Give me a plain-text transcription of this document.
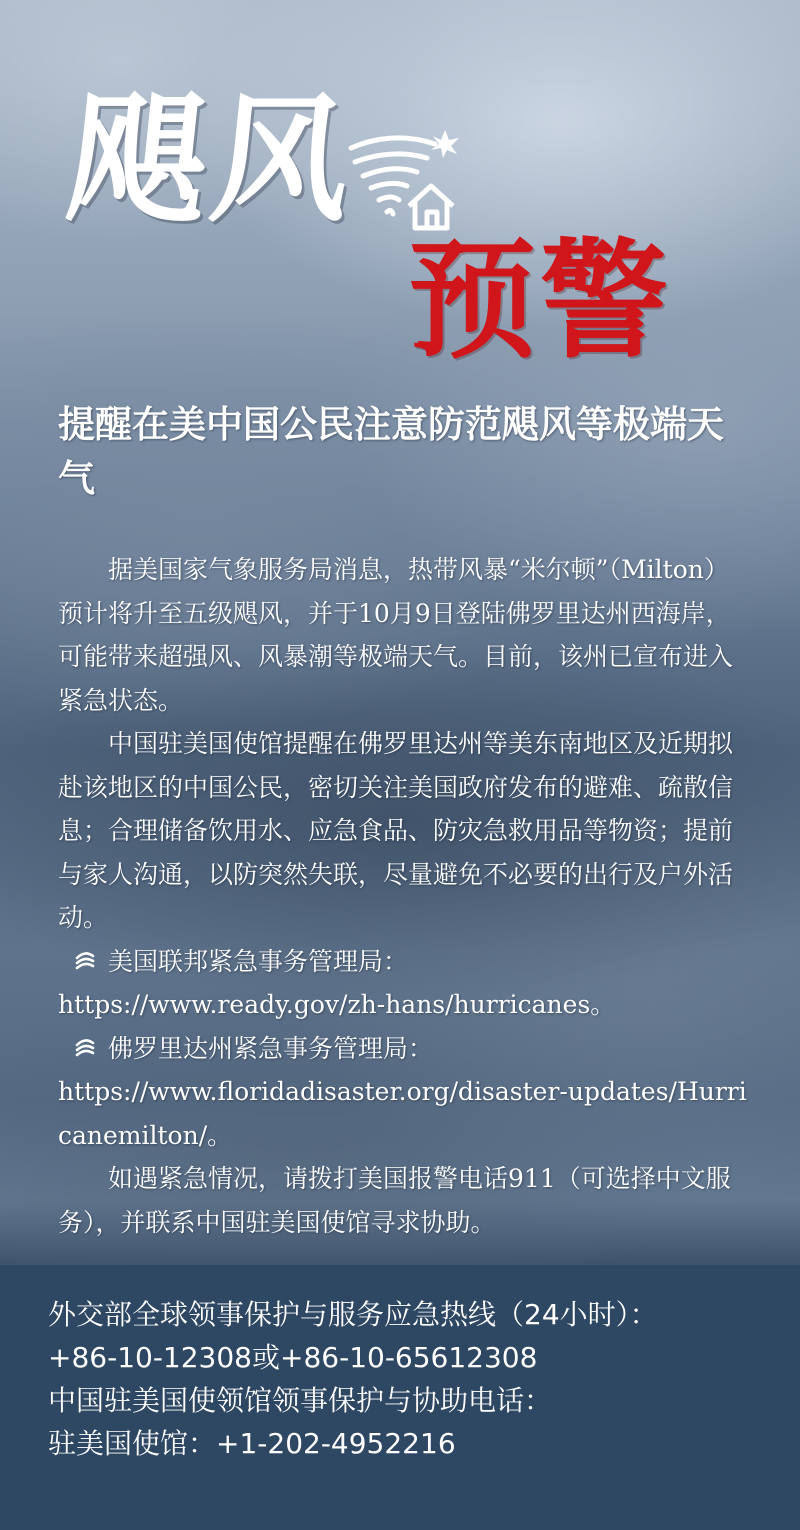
飓风
预警
提醒在美中国公民注意防范飓风等极端天气

据美国家气象服务局消息，热带风暴“米尔顿”（Milton）预计将升至五级飓风，并于10月9日登陆佛罗里达州西海岸，可能带来超强风、风暴潮等极端天气。目前，该州已宣布进入紧急状态。

中国驻美国使馆提醒在佛罗里达州等美东南地区及近期拟赴该地区的中国公民，密切关注美国政府发布的避难、疏散信息；合理储备饮用水、应急食品、防灾急救用品等物资；提前与家人沟通，以防突然失联，尽量避免不必要的出行及户外活动。

美国联邦紧急事务管理局：

https://www.ready.gov/zh-hans/hurricanes。

佛罗里达州紧急事务管理局：

https://www.floridadisaster.org/disaster-updates/Hurricanemilton/。

如遇紧急情况，请拨打美国报警电话911（可选择中文服务），并联系中国驻美国使馆寻求协助。

外交部全球领事保护与服务应急热线（24小时）：
+86-10-12308或+86-10-65612308
中国驻美国使领馆领事保护与协助电话：
驻美国使馆：+1-202-4952216
